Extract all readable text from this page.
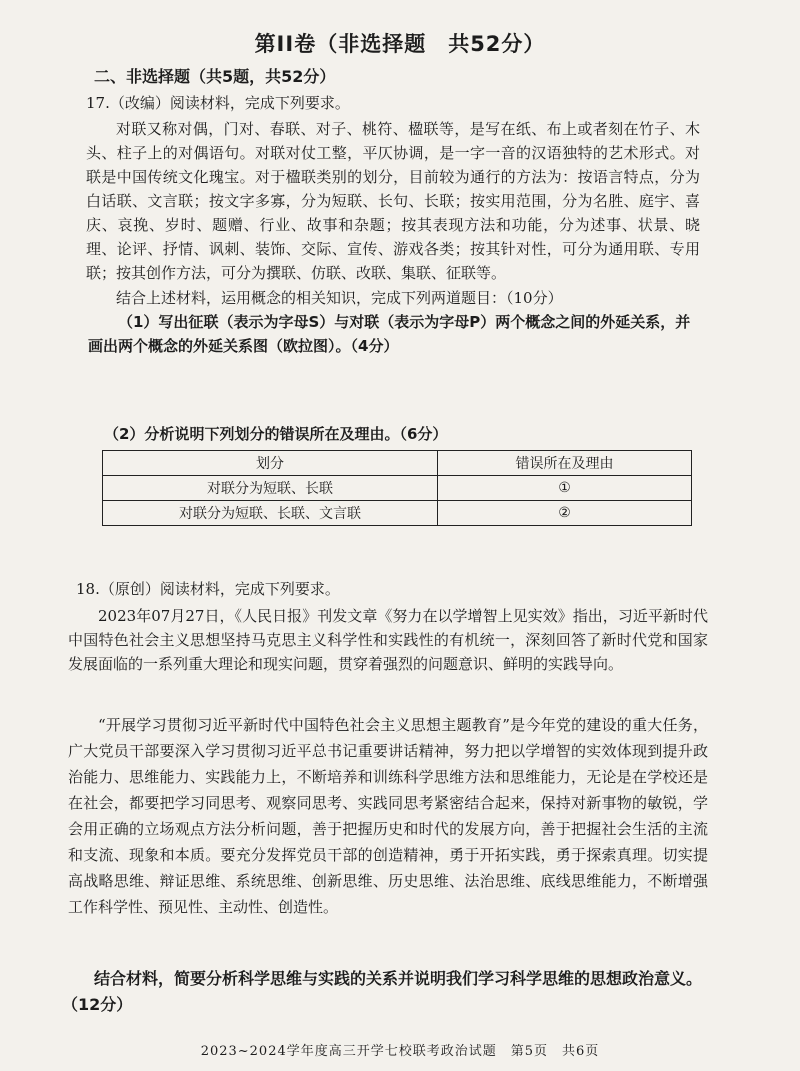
第II卷（非选择题　共52分）
二、非选择题（共5题，共52分）
17.（改编）阅读材料，完成下列要求。
对联又称对偶，门对、春联、对子、桃符、楹联等，是写在纸、布上或者刻在竹子、木头、柱子上的对偶语句。对联对仗工整，平仄协调，是一字一音的汉语独特的艺术形式。对联是中国传统文化瑰宝。对于楹联类别的划分，目前较为通行的方法为：按语言特点，分为白话联、文言联；按文字多寡，分为短联、长句、长联；按实用范围，分为名胜、庭宇、喜庆、哀挽、岁时、题赠、行业、故事和杂题；按其表现方法和功能，分为述事、状景、晓理、论评、抒情、讽刺、装饰、交际、宣传、游戏各类；按其针对性，可分为通用联、专用联；按其创作方法，可分为撰联、仿联、改联、集联、征联等。
结合上述材料，运用概念的相关知识，完成下列两道题目：（10分）
（1）写出征联（表示为字母S）与对联（表示为字母P）两个概念之间的外延关系，并画出两个概念的外延关系图（欧拉图）。（4分）
（2）分析说明下列划分的错误所在及理由。（6分）
划分	错误所在及理由
对联分为短联、长联	①
对联分为短联、长联、文言联	②
18.（原创）阅读材料，完成下列要求。
2023年07月27日，《人民日报》刊发文章《努力在以学增智上见实效》指出，习近平新时代中国特色社会主义思想坚持马克思主义科学性和实践性的有机统一，深刻回答了新时代党和国家发展面临的一系列重大理论和现实问题，贯穿着强烈的问题意识、鲜明的实践导向。
“开展学习贯彻习近平新时代中国特色社会主义思想主题教育”是今年党的建设的重大任务，广大党员干部要深入学习贯彻习近平总书记重要讲话精神，努力把以学增智的实效体现到提升政治能力、思维能力、实践能力上，不断培养和训练科学思维方法和思维能力，无论是在学校还是在社会，都要把学习同思考、观察同思考、实践同思考紧密结合起来，保持对新事物的敏锐，学会用正确的立场观点方法分析问题，善于把握历史和时代的发展方向，善于把握社会生活的主流和支流、现象和本质。要充分发挥党员干部的创造精神，勇于开拓实践，勇于探索真理。切实提高战略思维、辩证思维、系统思维、创新思维、历史思维、法治思维、底线思维能力，不断增强工作科学性、预见性、主动性、创造性。
结合材料，简要分析科学思维与实践的关系并说明我们学习科学思维的思想政治意义。（12分）
2023~2024学年度高三开学七校联考政治试题　第5页　共6页
